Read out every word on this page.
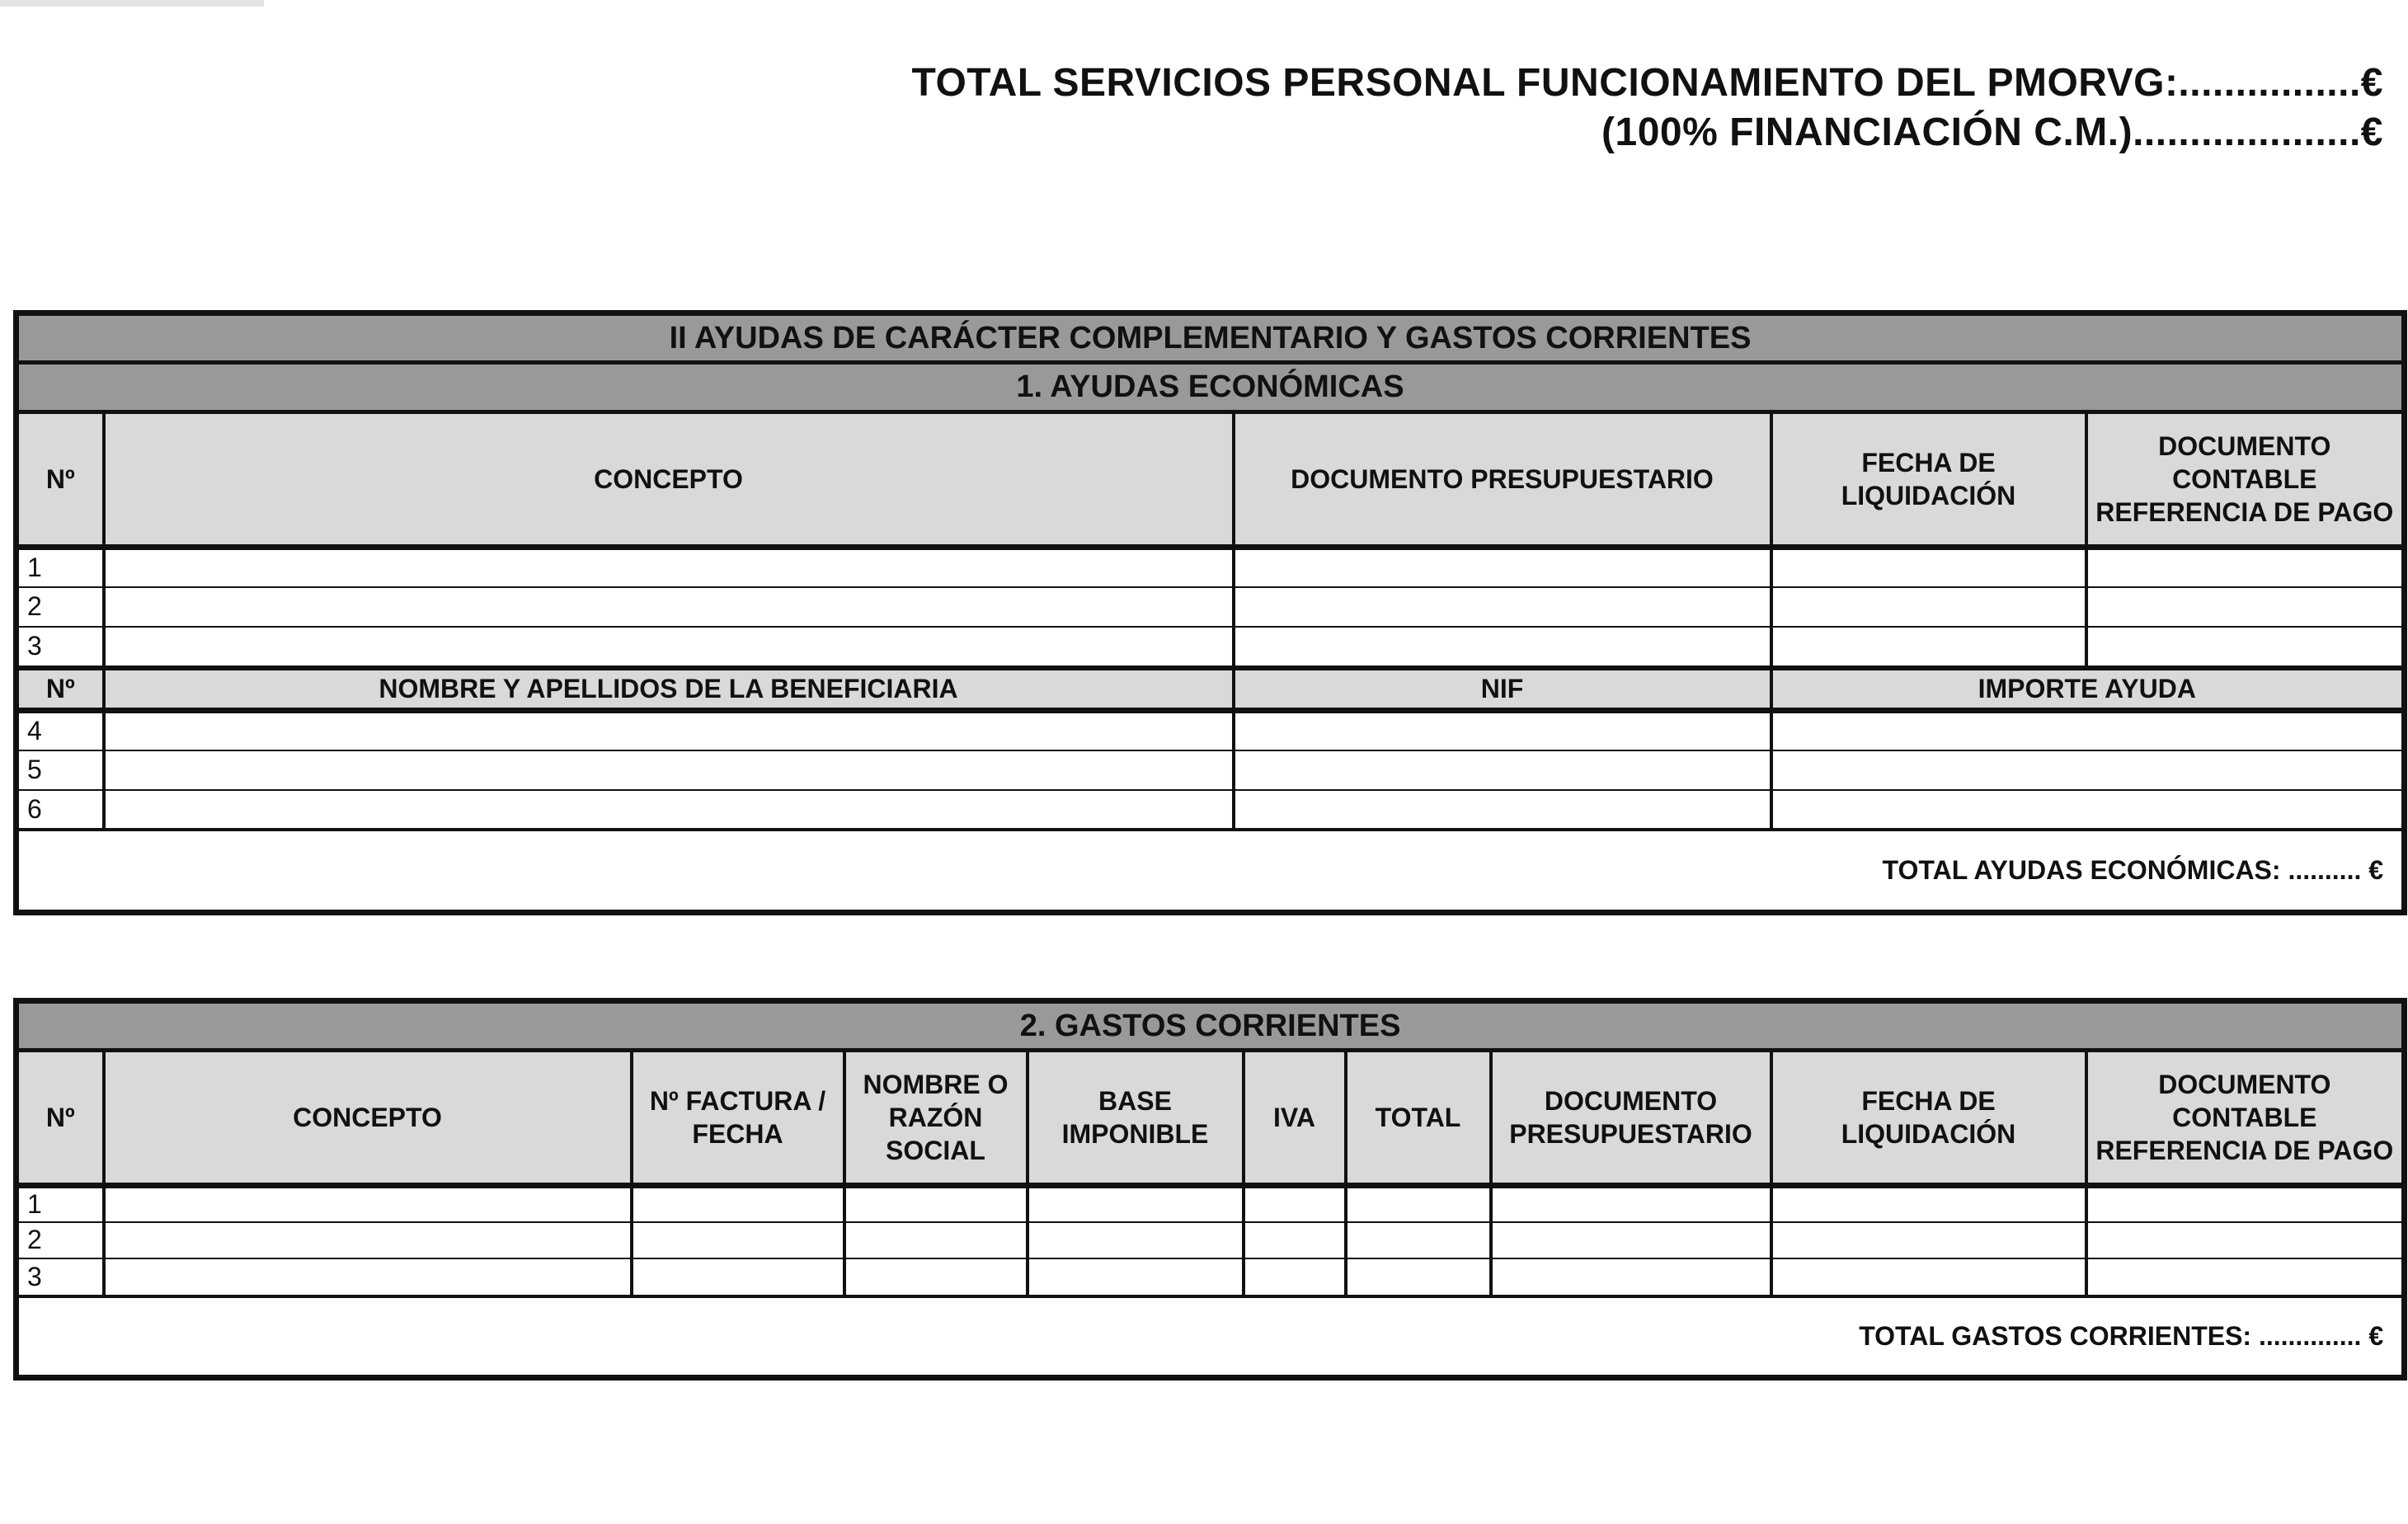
TOTAL SERVICIOS PERSONAL FUNCIONAMIENTO DEL PMORVG:................€
(100% FINANCIACIÓN C.M.)....................€
II AYUDAS DE CARÁCTER COMPLEMENTARIO Y GASTOS CORRIENTES				
1. AYUDAS ECONÓMICAS				
Nº	CONCEPTO	DOCUMENTO PRESUPUESTARIO	FECHA DE LIQUIDACIÓN	DOCUMENTO CONTABLE REFERENCIA DE PAGO
1				
2				
3				
Nº	NOMBRE Y APELLIDOS DE LA BENEFICIARIA	NIF	IMPORTE AYUDA	
4				
5				
6				
TOTAL AYUDAS ECONÓMICAS: .......... €				
2. GASTOS CORRIENTES									
Nº	CONCEPTO	Nº FACTURA / FECHA	NOMBRE O RAZÓN SOCIAL	BASE IMPONIBLE	IVA	TOTAL	DOCUMENTO PRESUPUESTARIO	FECHA DE LIQUIDACIÓN	DOCUMENTO CONTABLE REFERENCIA DE PAGO
1									
2									
3									
TOTAL GASTOS CORRIENTES: .............. €									
